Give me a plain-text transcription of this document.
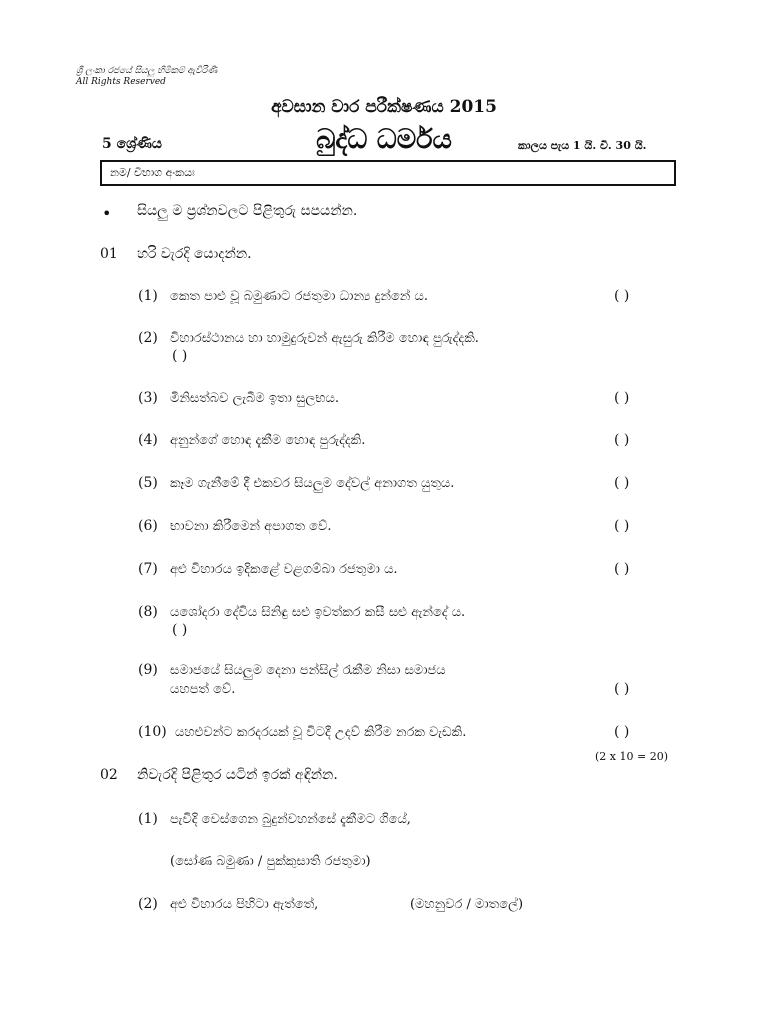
ශ්‍රී ලංකා රජයේ සියලු හිමිකම් ඇවිරිණි
All Rights Reserved
අවසාන වාර පරීක්ෂණය 2015
5 ශ්‍රේණිය	බුද්ධ ධර්මය	කාලය පැය 1 යි. වි. 30 යි.
නම/ විභාග අංකයඃ
• සියලු ම ප්‍රශ්නවලට පිළිතුරු සපයන්න.
01 හරි වැරදි යොදන්න.
(1) කෙත පාළු වූ බමුණාට රජතුමා ධාන්‍ය දුන්නේ ය.	( )
(2) විහාරස්ථානය හා හාමුදුරුවන් ඇසුරු කිරීම හොඳ පුරුද්දකි.
( )
(3) මිනිසත්බව ලැබීම ඉතා සුලභය.	( )
(4) අනුන්ගේ හොඳ දැකීම හොඳ පුරුද්දකි.	( )
(5) කෑම ගැනීමේ දී එකවර සියලුම දේවල් අනාගත යුතුය.	( )
(6) භාවනා කිරීමෙන් අපාගත වේ.	( )
(7) අළු විහාරය ඉදිකළේ වළගම්බා රජතුමා ය.	( )
(8) යශෝදරා දේවිය සිනිඳු සළු ඉවත්කර කසී සළු ඇන්දේ ය.
( )
(9) සමාජයේ සියලුම දෙනා පන්සිල් රැකීම නිසා සමාජය
යහපත් වේ.	( )
(10) යහළුවන්ට කරදරයක් වූ විටදී උදව් කිරීම නරක වැඩකි.	( )
(2 x 10 = 20)
02 නිවැරදි පිළිතුර යටින් ඉරක් අඳින්න.
(1) පැවිදි වෙස්ගෙන බුදුන්වහන්සේ දැකීමට ගියේ,
(සෝණ බමුණා / පුක්කුසාති රජතුමා)
(2) අළු විහාරය පිහිටා ඇත්තේ,	(මහනුවර / මාතලේ)
